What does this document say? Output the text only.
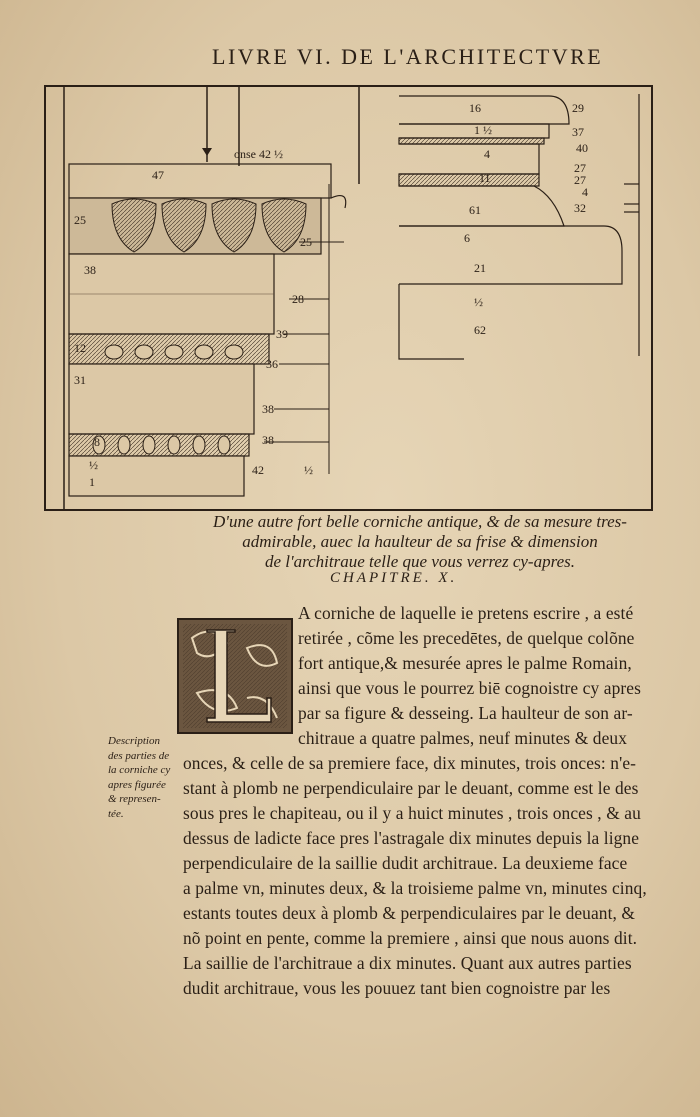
LIVRE VI. DE L'ARCHITECTVRE
onse 42 ½
47
25
38
12
31
8
½
1
25
28
39
36
38
38
42	½
29
37
40
27
27
4
32
16
1 ½
4
11
61
6
21
½
62
D'une autre fort belle corniche antique, & de sa mesure tres-
admirable, auec la haulteur de sa frise & dimension
de l'architraue telle que vous verrez cy-apres.
CHAPITRE. X.
Description
des parties de
la corniche cy
apres figurée
& represen-
tée.
A corniche de laquelle ie pretens escrire , a esté
retirée , cõme les precedētes, de quelque colõne
fort antique,& mesurée apres le palme Romain,
ainsi que vous le pourrez biē cognoistre cy apres
par sa figure & desseing. La haulteur de son ar-
chitraue a quatre palmes, neuf minutes & deux
onces, & celle de sa premiere face, dix minutes, trois onces: n'e-
stant à plomb ne perpendiculaire par le deuant, comme est le des
sous pres le chapiteau, ou il y a huict minutes , trois onces , & au
dessus de ladicte face pres l'astragale dix minutes depuis la ligne
perpendiculaire de la saillie dudit architraue. La deuxieme face
a palme vn, minutes deux, & la troisieme palme vn, minutes cinq,
estants toutes deux à plomb & perpendiculaires par le deuant, &
nõ point en pente, comme la premiere , ainsi que nous auons dit.
La saillie de l'architraue a dix minutes. Quant aux autres parties
dudit architraue, vous les pouuez tant bien cognoistre par les
